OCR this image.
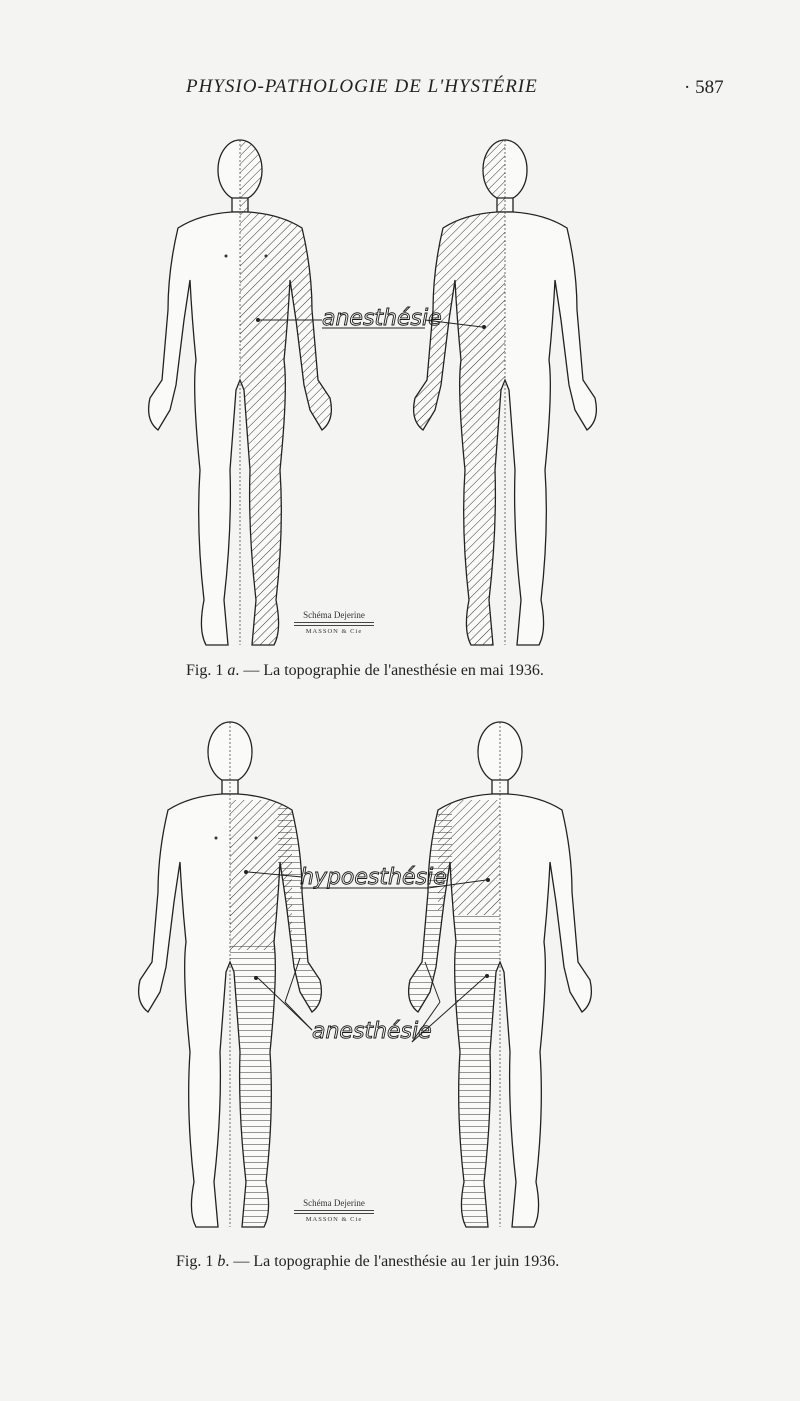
PHYSIO-PATHOLOGIE DE L'HYSTÉRIE	· 587
anesthésie
Schéma Dejerine
MASSON & Cie
Fig. 1 a. — La topographie de l'anesthésie en mai 1936.
hypoesthésie
anesthésie
Schéma Dejerine
MASSON & Cie
Fig. 1 b. — La topographie de l'anesthésie au 1er juin 1936.
